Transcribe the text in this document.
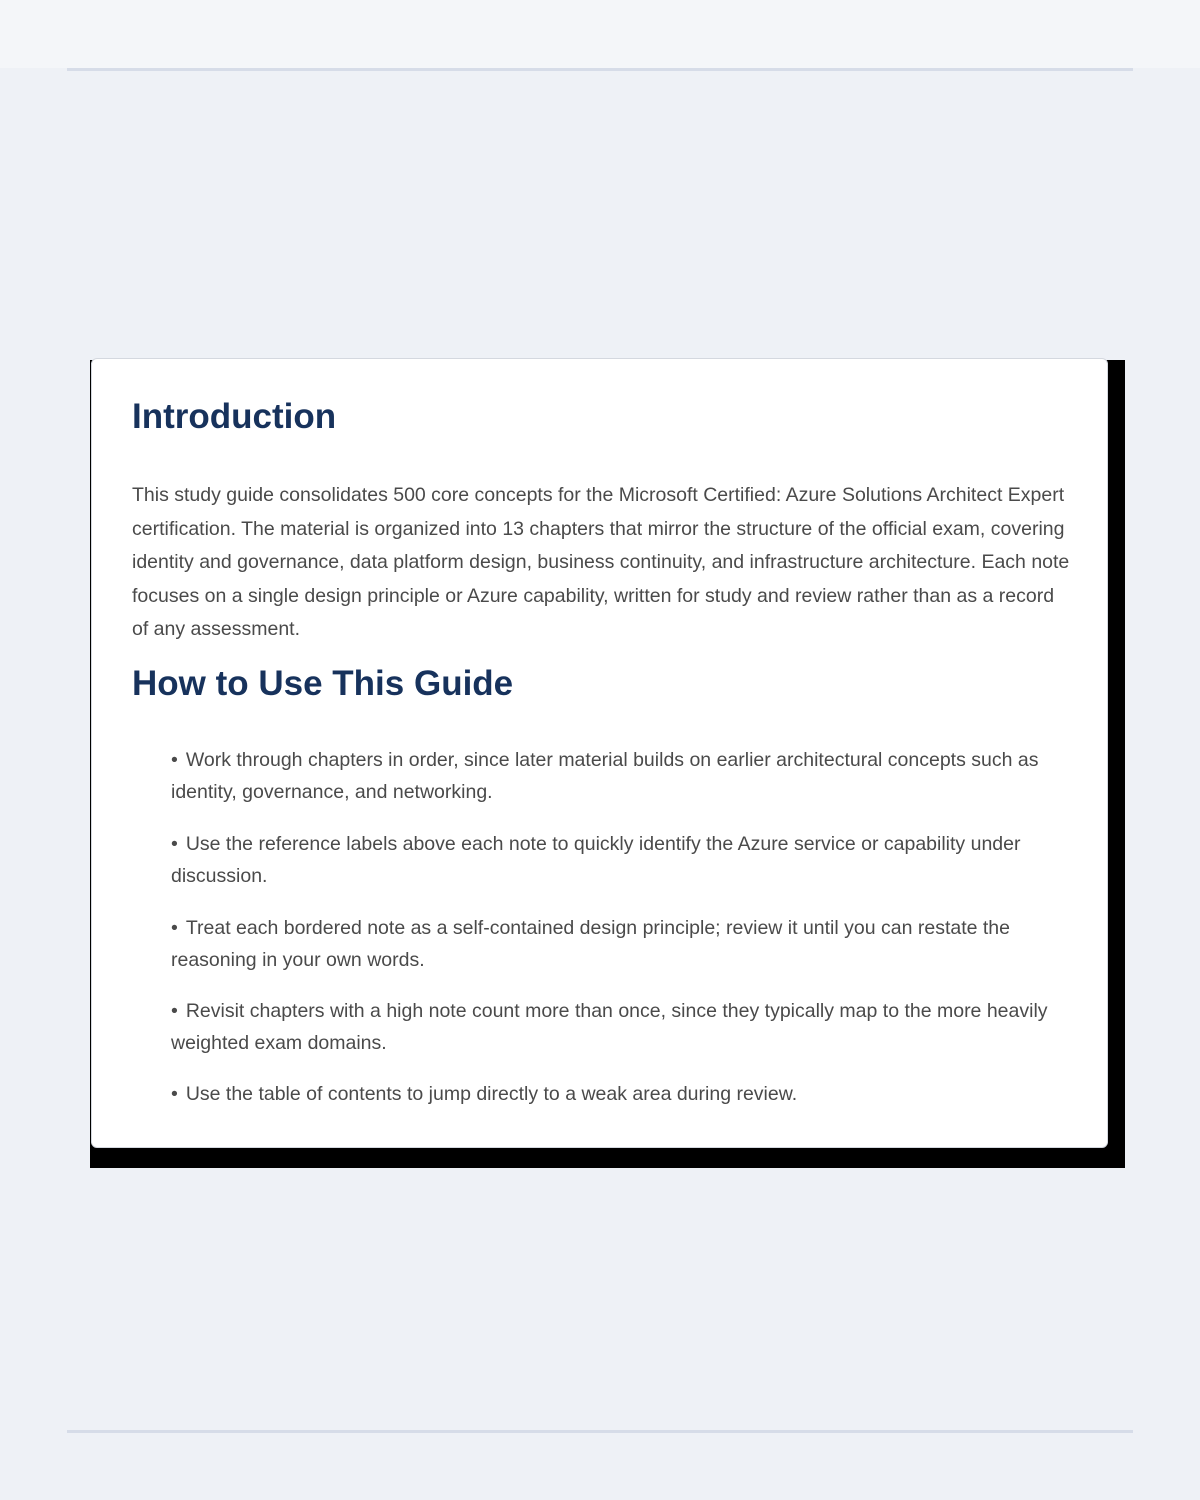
Introduction

This study guide consolidates 500 core concepts for the Microsoft Certified: Azure Solutions Architect Expert certification. The material is organized into 13 chapters that mirror the structure of the official exam, covering identity and governance, data platform design, business continuity, and infrastructure architecture. Each note focuses on a single design principle or Azure capability, written for study and review rather than as a record of any assessment.

How to Use This Guide
• Work through chapters in order, since later material builds on earlier architectural concepts such as identity, governance, and networking.
• Use the reference labels above each note to quickly identify the Azure service or capability under discussion.
• Treat each bordered note as a self-contained design principle; review it until you can restate the reasoning in your own words.
• Revisit chapters with a high note count more than once, since they typically map to the more heavily weighted exam domains.
• Use the table of contents to jump directly to a weak area during review.
